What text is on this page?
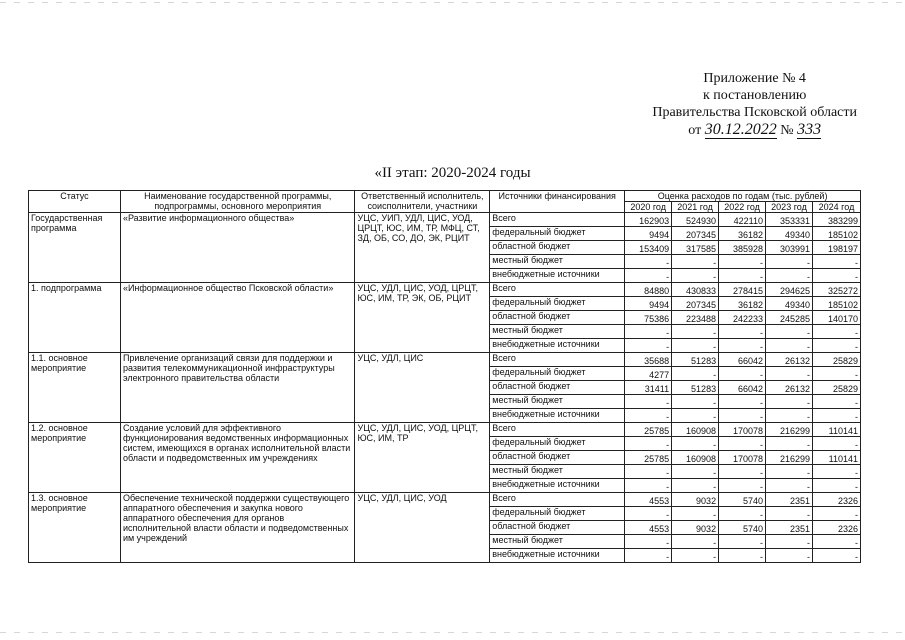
Приложение № 4
к постановлению
Правительства Псковской области
от 30.12.2022 № 333
«II этап: 2020-2024 годы
Статус	Наименование государственной программы, подпрограммы, основного мероприятия	Ответственный исполнитель, соисполнители, участники	Источники финансирования	Оценка расходов по годам (тыс. рублей)				
				2020 год	2021 год	2022 год	2023 год	2024 год
Государственная программа	«Развитие информационного общества»	УЦС, УИП, УДЛ, ЦИС, УОД, ЦРЦТ, ЮС, ИМ, ТР, МФЦ, СТ, ЗД, ОБ, СО, ДО, ЭК, РЦИТ	Всего	162903	524930	422110	353331	383299
			федеральный бюджет	9494	207345	36182	49340	185102
			областной бюджет	153409	317585	385928	303991	198197
			местный бюджет	-	-	-	-	-
			внебюджетные источники	-	-	-	-	-
1. подпрограмма	«Информационное общество Псковской области»	УЦС, УДЛ, ЦИС, УОД, ЦРЦТ, ЮС, ИМ, ТР, ЭК, ОБ, РЦИТ	Всего	84880	430833	278415	294625	325272
			федеральный бюджет	9494	207345	36182	49340	185102
			областной бюджет	75386	223488	242233	245285	140170
			местный бюджет	-	-	-	-	-
			внебюджетные источники	-	-	-	-	-
1.1. основное мероприятие	Привлечение организаций связи для поддержки и развития телекоммуникационной инфраструктуры электронного правительства области	УЦС, УДЛ, ЦИС	Всего	35688	51283	66042	26132	25829
			федеральный бюджет	4277	-	-	-	-
			областной бюджет	31411	51283	66042	26132	25829
			местный бюджет	-	-	-	-	-
			внебюджетные источники	-	-	-	-	-
1.2. основное мероприятие	Создание условий для эффективного функционирования ведомственных информационных систем, имеющихся в органах исполнительной власти области и подведомственных им учреждениях	УЦС, УДЛ, ЦИС, УОД, ЦРЦТ, ЮС, ИМ, ТР	Всего	25785	160908	170078	216299	110141
			федеральный бюджет	-	-	-	-	-
			областной бюджет	25785	160908	170078	216299	110141
			местный бюджет	-	-	-	-	-
			внебюджетные источники	-	-	-	-	-
1.3. основное мероприятие	Обеспечение технической поддержки существующего аппаратного обеспечения и закупка нового аппаратного обеспечения для органов исполнительной власти области и подведомственных им учреждений	УЦС, УДЛ, ЦИС, УОД	Всего	4553	9032	5740	2351	2326
			федеральный бюджет	-	-	-	-	-
			областной бюджет	4553	9032	5740	2351	2326
			местный бюджет	-	-	-	-	-
			внебюджетные источники	-	-	-	-	-
